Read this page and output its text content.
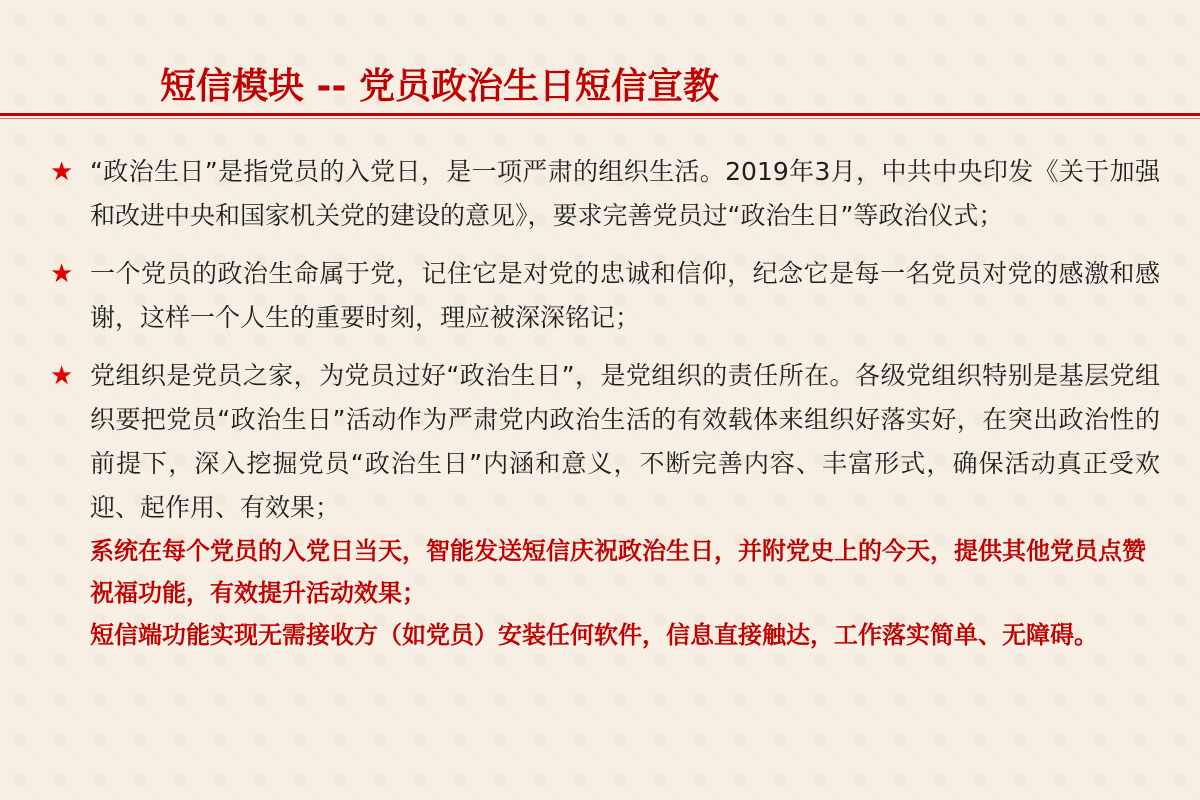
短信模块 -- 党员政治生日短信宣教
★ “政治生日”是指党员的入党日，是一项严肃的组织生活。2019年3月，中共中央印发《关于加强和改进中央和国家机关党的建设的意见》，要求完善党员过“政治生日”等政治仪式；
★ 一个党员的政治生命属于党，记住它是对党的忠诚和信仰，纪念它是每一名党员对党的感激和感谢，这样一个人生的重要时刻，理应被深深铭记；
★ 党组织是党员之家，为党员过好“政治生日”，是党组织的责任所在。各级党组织特别是基层党组织要把党员“政治生日”活动作为严肃党内政治生活的有效载体来组织好落实好，在突出政治性的前提下，深入挖掘党员“政治生日”内涵和意义，不断完善内容、丰富形式，确保活动真正受欢迎、起作用、有效果；

系统在每个党员的入党日当天，智能发送短信庆祝政治生日，并附党史上的今天，提供其他党员点赞祝福功能，有效提升活动效果；

短信端功能实现无需接收方（如党员）安装任何软件，信息直接触达，工作落实简单、无障碍。
